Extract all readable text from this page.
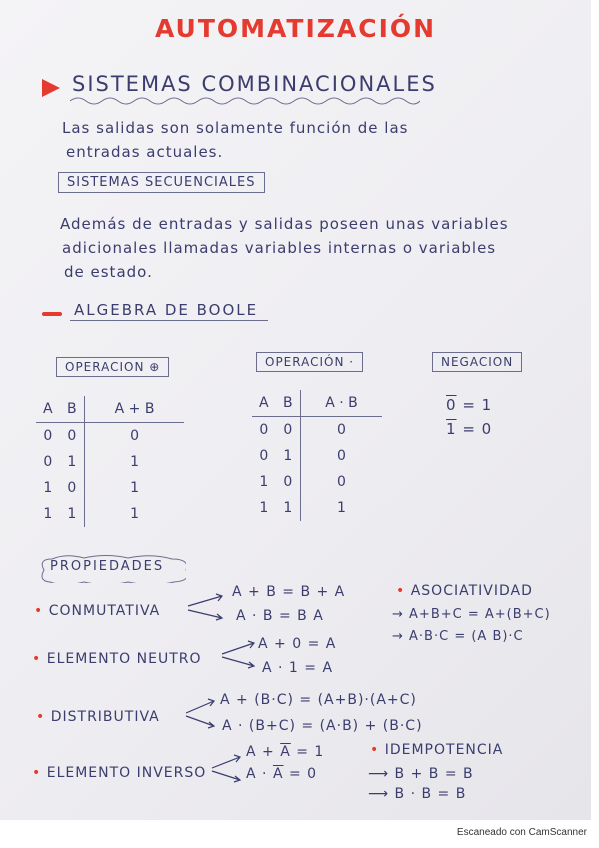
AUTOMATIZACIÓN
SISTEMAS COMBINACIONALES
Las salidas son solamente función de las
entradas actuales.
SISTEMAS SECUENCIALES
Además de entradas y salidas poseen unas variables
adicionales llamadas variables internas o variables
de estado.
ALGEBRA DE BOOLE
OPERACION ⊕
A	B	A + B
0	0	0
0	1	1
1	0	1
1	1	1
OPERACIÓN ·
A	B	A · B
0	0	0
0	1	0
1	0	0
1	1	1
NEGACION
0 = 1
1 = 0
PROPIEDADES
• CONMUTATIVA
A + B = B + A
A · B = B A
• ASOCIATIVIDAD
→ A+B+C = A+(B+C)
→ A·B·C = (A B)·C
• ELEMENTO NEUTRO
A + 0 = A
A · 1 = A
• DISTRIBUTIVA
A + (B·C) = (A+B)·(A+C)
A · (B+C) = (A·B) + (B·C)
• ELEMENTO INVERSO
$A + \overline{A} = 1$
$A \cdot \overline{A} = 0$
• IDEMPOTENCIA
⟶ B + B = B
⟶ B · B = B
Escaneado con CamScanner
